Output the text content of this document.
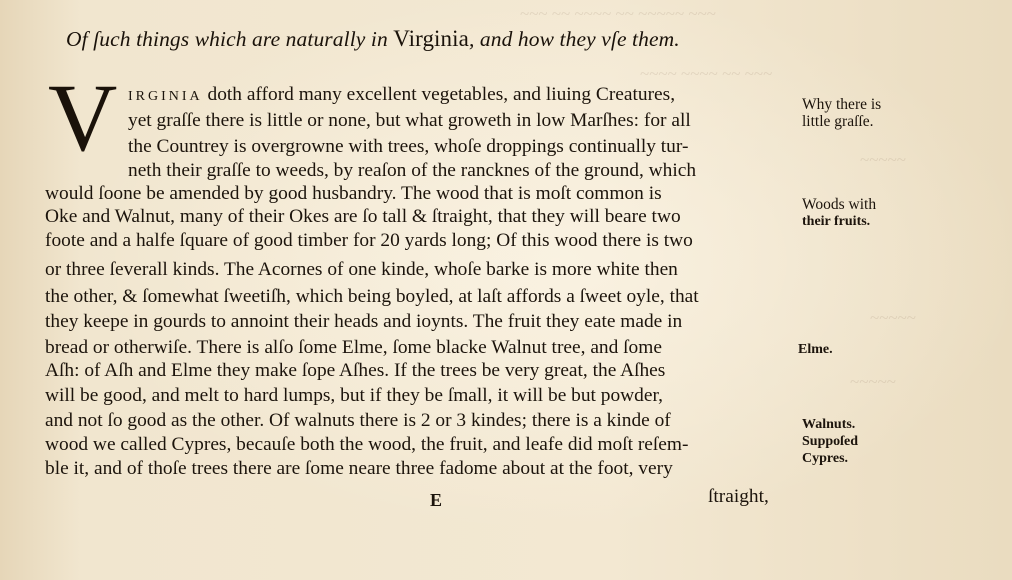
~~~ ~~ ~~~~ ~~ ~~~~~ ~~~
~~~~ ~~~~ ~~ ~~~
~~~~~
~~~~~
~~~~~
Of ſuch things which are naturally in Virginia, and how they vſe them.
V IRGINIA doth afford many excellent vegetables, and liuing Creatures,
yet graſſe there is little or none, but what groweth in low Marſhes: for all
the Countrey is overgrowne with trees, whoſe droppings continually tur-
neth their graſſe to weeds, by reaſon of the rancknes of the ground, which
would ſoone be amended by good husbandry. The wood that is moſt common is
Oke and Walnut, many of their Okes are ſo tall & ſtraight, that they will beare two
foote and a halfe ſquare of good timber for 20 yards long; Of this wood there is two
or three ſeverall kinds. The Acornes of one kinde, whoſe barke is more white then
the other, & ſomewhat ſweetiſh, which being boyled, at laſt affords a ſweet oyle, that
they keepe in gourds to annoint their heads and ioynts. The fruit they eate made in
bread or otherwiſe. There is alſo ſome Elme, ſome blacke Walnut tree, and ſome
Aſh: of Aſh and Elme they make ſope Aſhes. If the trees be very great, the Aſhes
will be good, and melt to hard lumps, but if they be ſmall, it will be but powder,
and not ſo good as the other. Of walnuts there is 2 or 3 kindes; there is a kinde of
wood we called Cypres, becauſe both the wood, the fruit, and leafe did moſt reſem-
ble it, and of thoſe trees there are ſome neare three fadome about at the foot, very
Why there is
little graſſe.
Woods with
their fruits.
Elme.
Walnuts.
Suppoſed
Cypres.
E	ſtraight,
